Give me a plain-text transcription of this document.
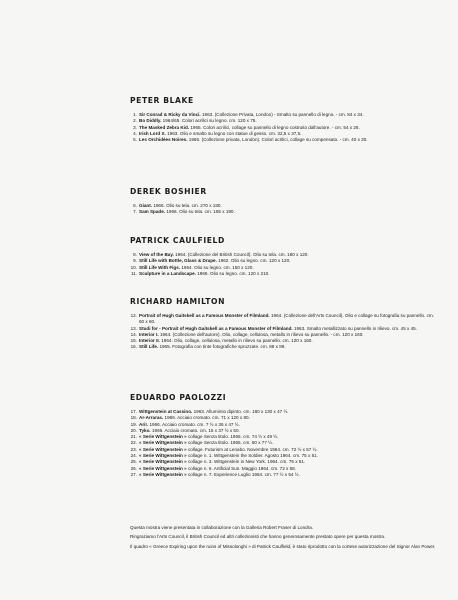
PETER BLAKE
1. Sir Conrad & Ricky da Vinci. 1963. (Collezione Privata, London) - Smalto su pannello di legno. - cm. 84 x 34.
2. Bo Diddly. 1964/65. Colori acrilici su legno. cm. 120 x 75.
3. The Masked Zebra Kid. 1965. Colori acrilici, collage su pannello di legno costruito dall'autore. - cm. 54 x 26.
4. Irish Lord X. 1963. Olio e smalto su legno con statue di gesso. cm. 32,5 x 37,5.
5. Les Orchidées Noires. 1965. (Collezione privata, London). Colori acrilici, collage su compensato. - cm. 40 x 30.
DEREK BOSHIER
6. Giant. 1966. Olio su tela. cm. 270 x 180.
7. Sam Spade. 1966. Olio su tela. cm. 165 x 190.
PATRICK CAULFIELD
8. View of the Bay. 1964. (Collezione del British Council). Olio su tela. cm. 180 x 120.
9. Still Life with Bottle, Glass & Drape. 1962. Olio su legno. cm. 120 x 120.
10. Still Life With Figs. 1964. Olio su legno. cm. 150 x 120.
11. Sculpture in a Landscape. 1966. Olio su legno. cm. 120 x 210.
RICHARD HAMILTON
12. Portrait of Hugh Gaitskell as a Famous Monster of Filmland. 1964. (Collezione dell'Arts Council). Olio e collage su fotografia su pannello. cm. 60 x 60.
13. Studi for - Portrait of Hugh Gaitskell as a Famous Monster of Filmland. 1963. Smalto metallizzato su pannello in rilievo. cm. 45 x 45.
14. Interior I. 1964. (Collezione dell'autore). Olio, collage, cellulosa, metallo in rilievo su pannello. - cm. 120 x 160.
15. Interior II. 1964. Olio, collage, cellulosa, metallo in rilievo su pannello. cm. 120 x 160.
16. Still Life. 1965. Fotografia con tinte fotografiche spruzzate. cm. 88 x 89.
EDUARDO PAOLOZZI
17. Wittgenstein at Cassino. 1963. Allumimio dipinto. cm. 180 x 130 x 47 ½.
18. Ar-Arraras. 1966. Acciaio cromato. cm. 71 x 120 x 80.
19. Ari!. 1966. Acciaio cromato. cm. 7 ½ x 36 x 47 ½.
20. Tyko. 1966. Acciaio cromato. cm. 15 x 37 ½ x 50.
21. « Serie Wittgenstein » collage Senza titolo. 1965. cm. 74 ½ x 49 ½.
22. « Serie Wittgenstein » collage Senza titolo. 1965. cm. 60 x 77 ½.
23. « Serie Wittgenstein » collage. Futurism at Lenabo. Novembre 1964. cm. 72 ½ x 57 ½.
24. « Serie Wittgenstein » collage n. 1. Wittgenstein the Soldier. Agosto 1964. cm. 75 x 51.
25. « Serie Wittgenstein » collage n. 3. Wittgenstein in New York. 1964. cm. 75 x 51.
26. « Serie Wittgenstein » collage n. 6. Artificial Sun. Maggio 1964. cm. 72 x 58.
27. « Serie Wittgenstein » collage n. 7. Experience Luglio 1964. cm. 77 ½ x 54 ½.

Questa mostra viene presentata in collaborazione con la Galleria Robert Fraser di Londra.

Ringraziamo l'Arts Council, il British Council ed altri collezionisti che hanno generosamente prestato opere per questa mostra.

Il quadro « Greece Expiring upon the ruins of Missolonghi » di Patrick Caulfield, è stato riprodotto con la cortese autorizzazione del Signor Alan Power.
